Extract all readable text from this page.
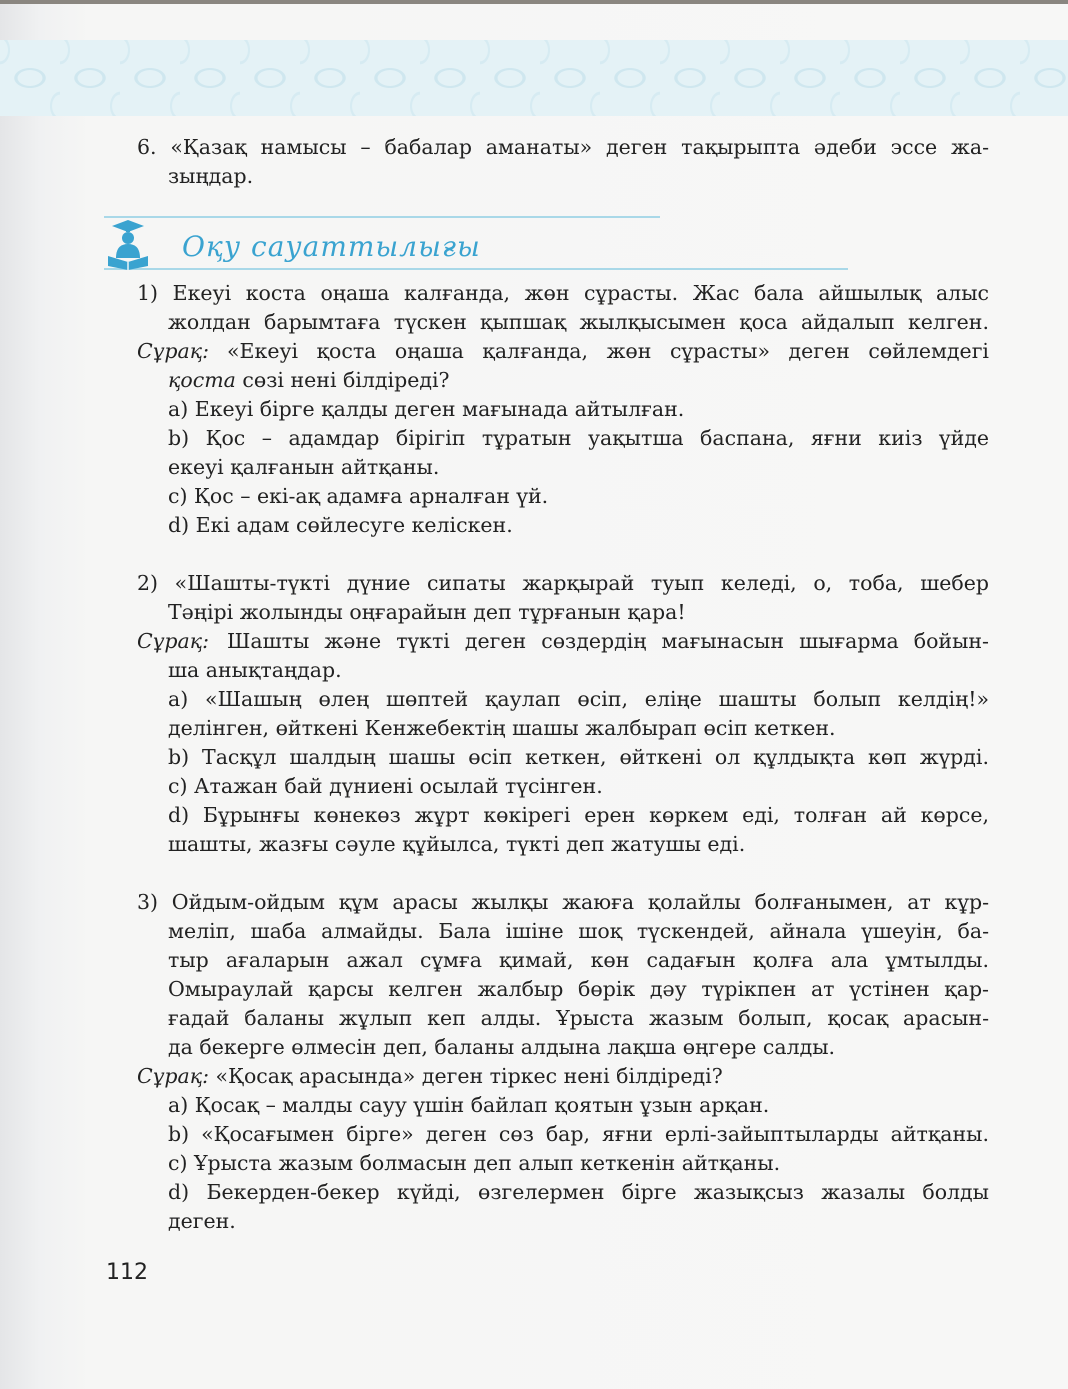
6. «Қазақ намысы – бабалар аманаты» деген тақырыпта әдеби эссе жа-
зыңдар.
1) Екеуі коста оңаша калғанда, жөн сұрасты. Жас бала айшылық алыс
жолдан барымтаға түскен қыпшақ жылқысымен қоса айдалып келген.
Сұрақ: «Екеуі қоста оңаша қалғанда, жөн сұрасты» деген сөйлемдегі
қоста сөзі нені білдіреді?
а) Екеуі бірге қалды деген мағынада айтылған.
b) Қос – адамдар бірігіп тұратын уақытша баспана, яғни киіз үйде
екеуі қалғанын айтқаны.
с) Қос – екі-ақ адамға арналған үй.
d) Екі адам сөйлесуге келіскен.
2) «Шашты-түкті дүние сипаты жарқырай туып келеді, о, тоба, шебер
Тәңірі жолынды оңғарайын деп тұрғанын қара!
Сұрақ: Шашты және түкті деген сөздердің мағынасын шығарма бойын-
ша анықтаңдар.
а) «Шашың өлең шөптей қаулап өсіп, еліңе шашты болып келдің!»
делінген, өйткені Кенжебектің шашы жалбырап өсіп кеткен.
b) Тасқұл шалдың шашы өсіп кеткен, өйткені ол құлдықта көп жүрді.
с) Атажан бай дүниені осылай түсінген.
d) Бұрынғы көнекөз жұрт көкірегі ерен көркем еді, толған ай көрсе,
шашты, жазғы сәуле құйылса, түкті деп жатушы еді.
3) Ойдым-ойдым құм арасы жылқы жаюға қолайлы болғанымен, ат кұр-
меліп, шаба алмайды. Бала ішіне шоқ түскендей, айнала үшеуін, ба-
тыр ағаларын ажал сұмға қимай, көн садағын қолға ала ұмтылды.
Омыраулай қарсы келген жалбыр бөрік дәу түрікпен ат үстінен қар-
ғадай баланы жұлып кеп алды. Ұрыста жазым болып, қосақ арасын-
да бекерге өлмесін деп, баланы алдына лақша өңгере салды.
Сұрақ: «Қосақ арасында» деген тіркес нені білдіреді?
а) Қосақ – малды сауу үшін байлап қоятын ұзын арқан.
b) «Қосағымен бірге» деген сөз бар, яғни ерлі-зайыптыларды айтқаны.
с) Ұрыста жазым болмасын деп алып кеткенін айтқаны.
d) Бекерден-бекер күйді, өзгелермен бірге жазықсыз жазалы болды
деген.
Оқу сауаттылығы
112
